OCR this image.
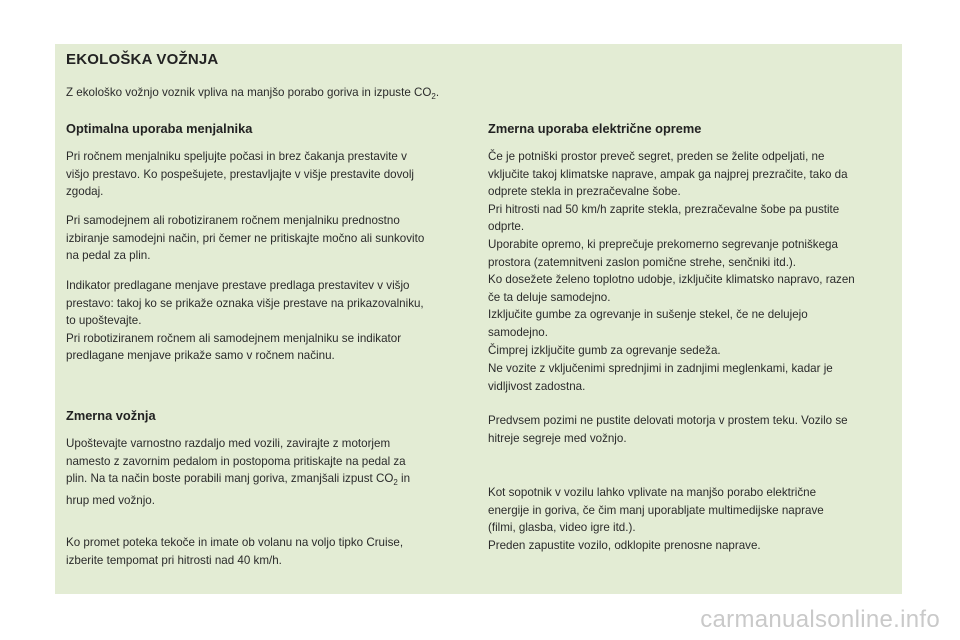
EKOLOŠKA VOŽNJA
Z ekološko vožnjo voznik vpliva na manjšo porabo goriva in izpuste $CO_2$.
Optimalna uporaba menjalnika
Pri ročnem menjalniku speljujte počasi in brez čakanja prestavite v
višjo prestavo. Ko pospešujete, prestavljajte v višje prestavite dovolj
zgodaj.
Pri samodejnem ali robotiziranem ročnem menjalniku prednostno
izbiranje samodejni način, pri čemer ne pritiskajte močno ali sunkovito
na pedal za plin.
Indikator predlagane menjave prestave predlaga prestavitev v višjo
prestavo: takoj ko se prikaže oznaka višje prestave na prikazovalniku,
to upoštevajte.
Pri robotiziranem ročnem ali samodejnem menjalniku se indikator
predlagane menjave prikaže samo v ročnem načinu.
Zmerna vožnja
Upoštevajte varnostno razdaljo med vozili, zavirajte z motorjem
namesto z zavornim pedalom in postopoma pritiskajte na pedal za
plin. Na ta način boste porabili manj goriva, zmanjšali izpust $CO_2$ in
hrup med vožnjo.
Ko promet poteka tekoče in imate ob volanu na voljo tipko Cruise,
izberite tempomat pri hitrosti nad 40 km/h.
Zmerna uporaba električne opreme
Če je potniški prostor preveč segret, preden se želite odpeljati, ne
vključite takoj klimatske naprave, ampak ga najprej prezračite, tako da
odprete stekla in prezračevalne šobe.
Pri hitrosti nad 50 km/h zaprite stekla, prezračevalne šobe pa pustite
odprte.
Uporabite opremo, ki preprečuje prekomerno segrevanje potniškega
prostora (zatemnitveni zaslon pomične strehe, senčniki itd.).
Ko dosežete želeno toplotno udobje, izključite klimatsko napravo, razen
če ta deluje samodejno.
Izključite gumbe za ogrevanje in sušenje stekel, če ne delujejo
samodejno.
Čimprej izključite gumb za ogrevanje sedeža.
Ne vozite z vključenimi sprednjimi in zadnjimi meglenkami, kadar je
vidljivost zadostna.
Predvsem pozimi ne pustite delovati motorja v prostem teku. Vozilo se
hitreje segreje med vožnjo.
Kot sopotnik v vozilu lahko vplivate na manjšo porabo električne
energije in goriva, če čim manj uporabljate multimedijske naprave
(filmi, glasba, video igre itd.).
Preden zapustite vozilo, odklopite prenosne naprave.
carmanualsonline.info
